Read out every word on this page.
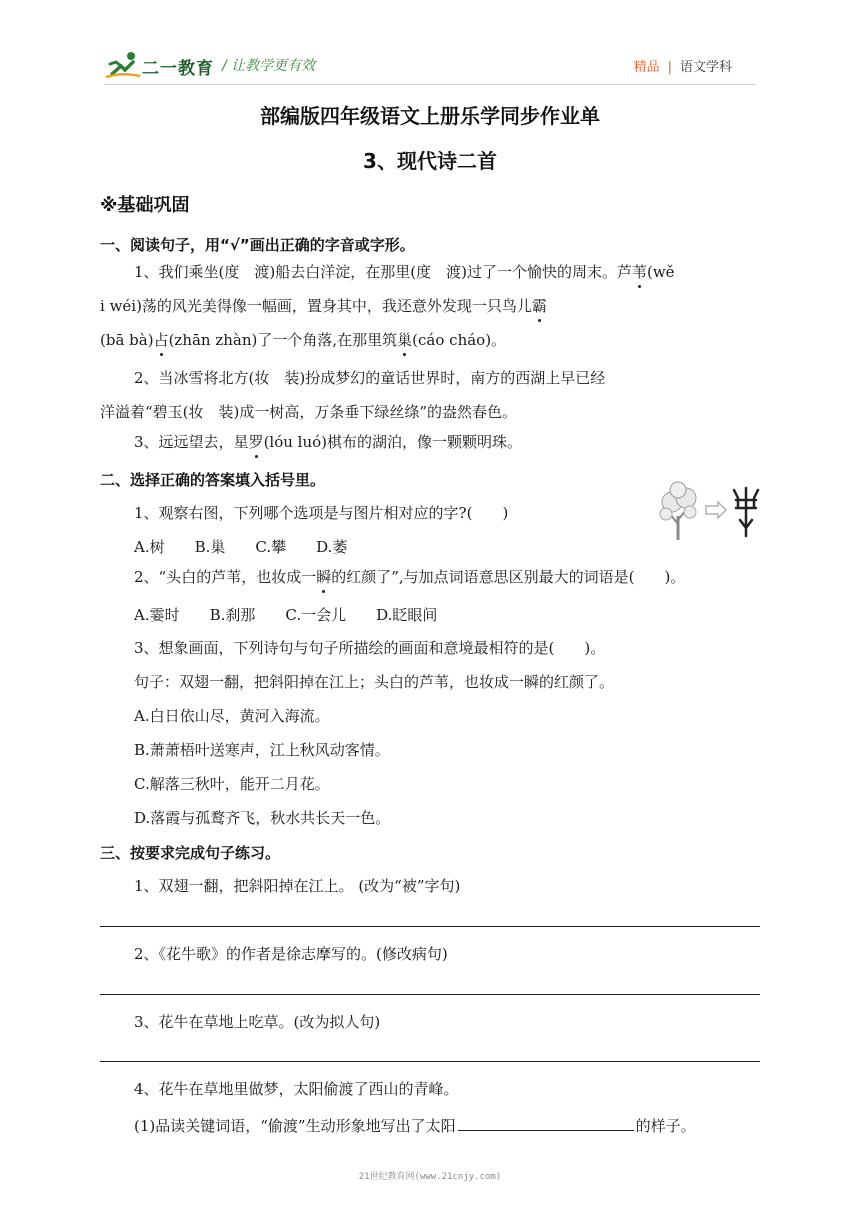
二一教育 / 让教学更有效	精品 | 语文学科
部编版四年级语文上册乐学同步作业单
3、现代诗二首
※基础巩固
一、阅读句子，用“√”画出正确的字音或字形。
1、我们乘坐(度　渡)船去白洋淀，在那里(度　渡)过了一个愉快的周末。芦苇(wě
i wéi)荡的风光美得像一幅画，置身其中，我还意外发现一只鸟儿霸
(bā bà)占(zhān zhàn)了一个角落,在那里筑巢(cáo cháo)。
2、当冰雪将北方(妆　装)扮成梦幻的童话世界时，南方的西湖上早已经
洋溢着“碧玉(妆　装)成一树高，万条垂下绿丝绦”的盎然春色。
3、远远望去，星罗(lóu luó)棋布的湖泊，像一颗颗明珠。
二、选择正确的答案填入括号里。
1、观察右图，下列哪个选项是与图片相对应的字?(　　)
A.树 B.巢 C.攀 D.萎
2、“头白的芦苇，也妆成一瞬的红颜了”,与加点词语意思区别最大的词语是(　　)。
A.霎时 B.刹那 C.一会儿 D.眨眼间
3、想象画面，下列诗句与句子所描绘的画面和意境最相符的是(　　)。
句子：双翅一翻，把斜阳掉在江上；头白的芦苇，也妆成一瞬的红颜了。
A.白日依山尽，黄河入海流。
B.萧萧梧叶送寒声，江上秋风动客情。
C.解落三秋叶，能开二月花。
D.落霞与孤鹜齐飞，秋水共长天一色。
三、按要求完成句子练习。
1、双翅一翻，把斜阳掉在江上。 (改为“被”字句)
2、《花牛歌》的作者是徐志摩写的。(修改病句)
3、花牛在草地上吃草。(改为拟人句)
4、花牛在草地里做梦，太阳偷渡了西山的青峰。
(1)品读关键词语，“偷渡”生动形象地写出了太阳	的样子。
21世纪教育网(www.21cnjy.com)
